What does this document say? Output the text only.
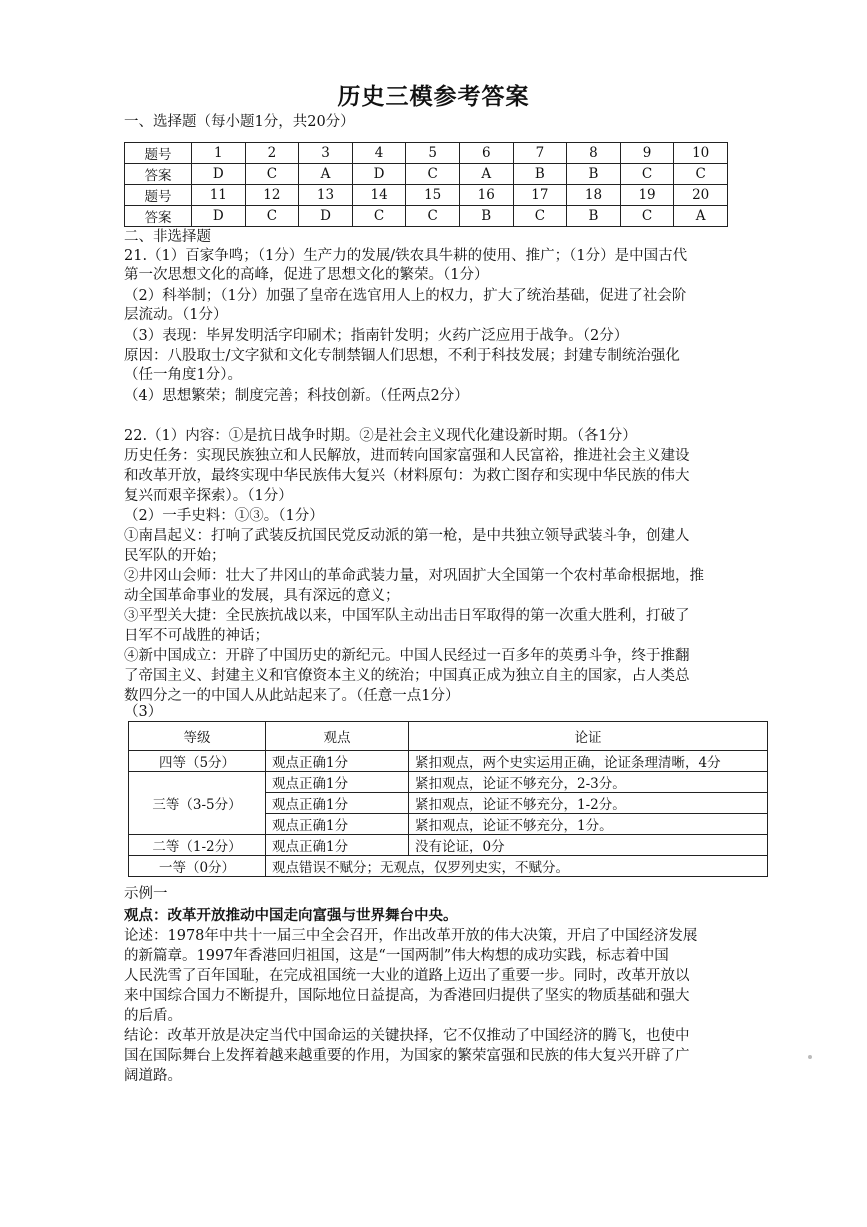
历史三模参考答案
一、选择题（每小题1分，共20分）
题号	1	2	3	4	5	6	7	8	9	10
答案	D	C	A	D	C	A	B	B	C	C
题号	11	12	13	14	15	16	17	18	19	20
答案	D	C	D	C	C	B	C	B	C	A
二、非选择题
21.（1）百家争鸣；（1分）生产力的发展/铁农具牛耕的使用、推广；（1分）是中国古代
第一次思想文化的高峰，促进了思想文化的繁荣。（1分）
（2）科举制；（1分）加强了皇帝在选官用人上的权力，扩大了统治基础，促进了社会阶
层流动。（1分）
（3）表现：毕昇发明活字印刷术；指南针发明；火药广泛应用于战争。（2分）
原因：八股取士/文字狱和文化专制禁锢人们思想，不利于科技发展；封建专制统治强化
（任一角度1分）。
（4）思想繁荣；制度完善；科技创新。（任两点2分）
22.（1）内容：①是抗日战争时期。②是社会主义现代化建设新时期。（各1分）
历史任务：实现民族独立和人民解放，进而转向国家富强和人民富裕，推进社会主义建设
和改革开放，最终实现中华民族伟大复兴（材料原句：为救亡图存和实现中华民族的伟大
复兴而艰辛探索）。（1分）
（2）一手史料：①③。（1分）
①南昌起义：打响了武装反抗国民党反动派的第一枪，是中共独立领导武装斗争，创建人
民军队的开始；
②井冈山会师：壮大了井冈山的革命武装力量，对巩固扩大全国第一个农村革命根据地，推
动全国革命事业的发展，具有深远的意义；
③平型关大捷：全民族抗战以来，中国军队主动出击日军取得的第一次重大胜利，打破了
日军不可战胜的神话；
④新中国成立：开辟了中国历史的新纪元。中国人民经过一百多年的英勇斗争，终于推翻
了帝国主义、封建主义和官僚资本主义的统治；中国真正成为独立自主的国家，占人类总
数四分之一的中国人从此站起来了。（任意一点1分）
（3）
等级	观点	论证
四等（5分）	观点正确1分	紧扣观点，两个史实运用正确，论证条理清晰，4分
三等（3-5分）	观点正确1分	紧扣观点，论证不够充分，2-3分。
	观点正确1分	紧扣观点，论证不够充分，1-2分。
	观点正确1分	紧扣观点，论证不够充分，1分。
二等（1-2分）	观点正确1分	没有论证，0分
一等（0分）	观点错误不赋分；无观点，仅罗列史实，不赋分。	
示例一
观点：改革开放推动中国走向富强与世界舞台中央。
论述：1978年中共十一届三中全会召开，作出改革开放的伟大决策，开启了中国经济发展
的新篇章。1997年香港回归祖国，这是“一国两制”伟大构想的成功实践，标志着中国
人民洗雪了百年国耻，在完成祖国统一大业的道路上迈出了重要一步。同时，改革开放以
来中国综合国力不断提升，国际地位日益提高，为香港回归提供了坚实的物质基础和强大
的后盾。
结论：改革开放是决定当代中国命运的关键抉择，它不仅推动了中国经济的腾飞，也使中
国在国际舞台上发挥着越来越重要的作用，为国家的繁荣富强和民族的伟大复兴开辟了广
阔道路。
